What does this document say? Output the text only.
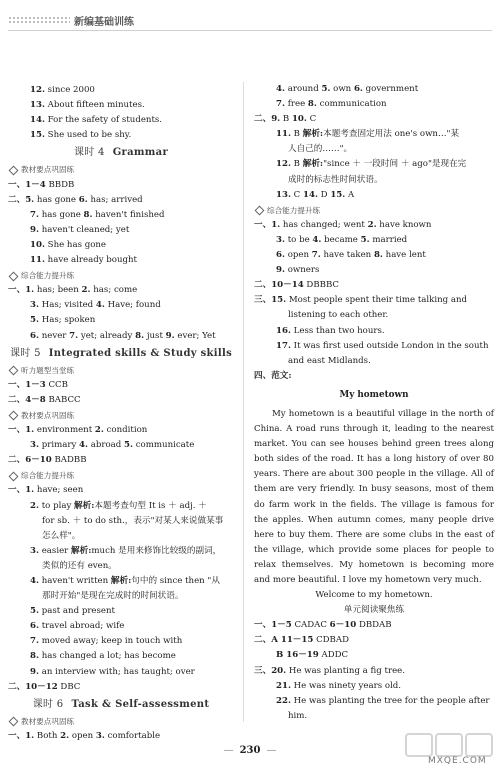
新编基础训练
12. since 2000
13. About fifteen minutes.
14. For the safety of students.
15. She used to be shy.
课时 4 Grammar
教材要点巩固练
一、1－4 BBDB
二、5. has gone 6. has; arrived
7. has gone 8. haven't finished
9. haven't cleaned; yet
10. She has gone
11. have already bought
综合能力提升练
一、1. has; been 2. has; come
3. Has; visited 4. Have; found
5. Has; spoken
6. never 7. yet; already 8. just 9. ever; Yet
课时 5 Integrated skills & Study skills
听力题型当堂练
一、1－3 CCB
二、4－8 BABCC
教材要点巩固练
一、1. environment 2. condition
3. primary 4. abroad 5. communicate
二、6－10 BADBB
综合能力提升练
一、1. have; seen
2. to play 解析:本题考查句型 It is ＋ adj. ＋
for sb. ＋ to do sth.，表示"对某人来说做某事
怎么样"。
3. easier 解析:much 是用来修饰比较级的副词，
类似的还有 even。
4. haven't written 解析:句中的 since then "从
那时开始"是现在完成时的时间状语。
5. past and present
6. travel abroad; wife
7. moved away; keep in touch with
8. has changed a lot; has become
9. an interview with; has taught; over
二、10－12 DBC
课时 6 Task & Self-assessment
教材要点巩固练
一、1. Both 2. open 3. comfortable
4. around 5. own 6. government
7. free 8. communication
二、9. B 10. C
11. B 解析:本题考查固定用法 one's own…"某
人自己的……"。
12. B 解析:"since ＋ 一段时间 ＋ ago"是现在完
成时的标志性时间状语。
13. C 14. D 15. A
综合能力提升练
一、1. has changed; went 2. have known
3. to be 4. became 5. married
6. open 7. have taken 8. have lent
9. owners
二、10－14 DBBBC
三、15. Most people spent their time talking and
listening to each other.
16. Less than two hours.
17. It was first used outside London in the south
and east Midlands.
四、范文:
My hometown
My hometown is a beautiful village in the north of China. A road runs through it, leading to the nearest market. You can see houses behind green trees along both sides of the road. It has a long history of over 80 years. There are about 300 people in the village. All of them are very friendly. In busy seasons, most of them do farm work in the fields. The village is famous for the apples. When autumn comes, many people drive here to buy them. There are some clubs in the east of the village, which provide some places for people to relax themselves. My hometown is becoming more and more beautiful. I love my hometown very much.
Welcome to my hometown.
单元阅读聚焦练
一、1－5 CADAC 6－10 DBDAB
二、A 11－15 CDBAD
B 16－19 ADDC
三、20. He was planting a fig tree.
21. He was ninety years old.
22. He was planting the tree for the people after
him.
— 230 —
MXQE.COM
